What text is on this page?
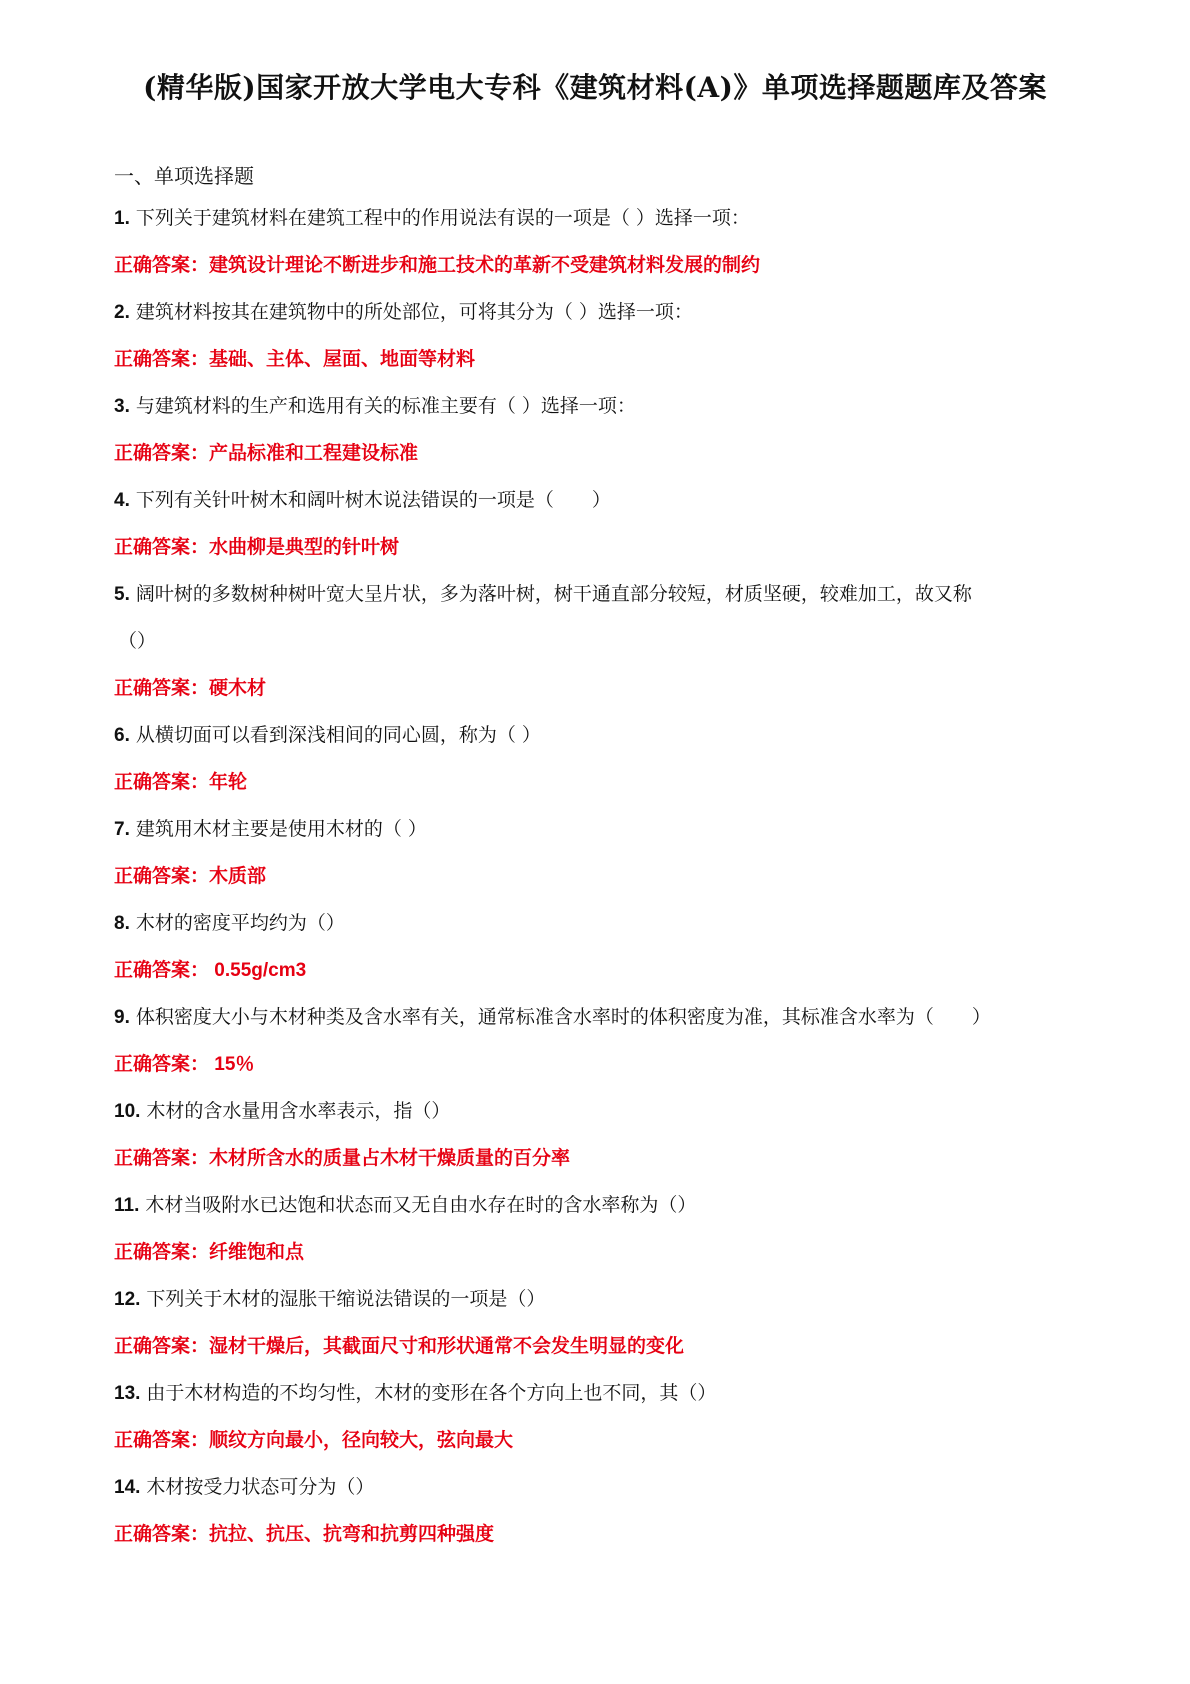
(精华版)国家开放大学电大专科《建筑材料(A)》单项选择题题库及答案
一、单项选择题
1. 下列关于建筑材料在建筑工程中的作用说法有误的一项是（ ）选择一项：
正确答案：建筑设计理论不断进步和施工技术的革新不受建筑材料发展的制约
2. 建筑材料按其在建筑物中的所处部位，可将其分为（ ）选择一项：
正确答案：基础、主体、屋面、地面等材料
3. 与建筑材料的生产和选用有关的标准主要有（ ）选择一项：
正确答案：产品标准和工程建设标准
4. 下列有关针叶树木和阔叶树木说法错误的一项是（　　）
正确答案：水曲柳是典型的针叶树
5. 阔叶树的多数树种树叶宽大呈片状，多为落叶树，树干通直部分较短，材质坚硬，较难加工，故又称
（）
正确答案：硬木材
6. 从横切面可以看到深浅相间的同心圆，称为（ ）
正确答案：年轮
7. 建筑用木材主要是使用木材的（ ）
正确答案：木质部
8. 木材的密度平均约为（）
正确答案： 0.55g/cm3
9. 体积密度大小与木材种类及含水率有关，通常标准含水率时的体积密度为准，其标准含水率为（　　）
正确答案： 15％
10. 木材的含水量用含水率表示，指（）
正确答案：木材所含水的质量占木材干燥质量的百分率
11. 木材当吸附水已达饱和状态而又无自由水存在时的含水率称为（）
正确答案：纤维饱和点
12. 下列关于木材的湿胀干缩说法错误的一项是（）
正确答案：湿材干燥后，其截面尺寸和形状通常不会发生明显的变化
13. 由于木材构造的不均匀性，木材的变形在各个方向上也不同，其（）
正确答案：顺纹方向最小，径向较大，弦向最大
14. 木材按受力状态可分为（）
正确答案：抗拉、抗压、抗弯和抗剪四种强度
